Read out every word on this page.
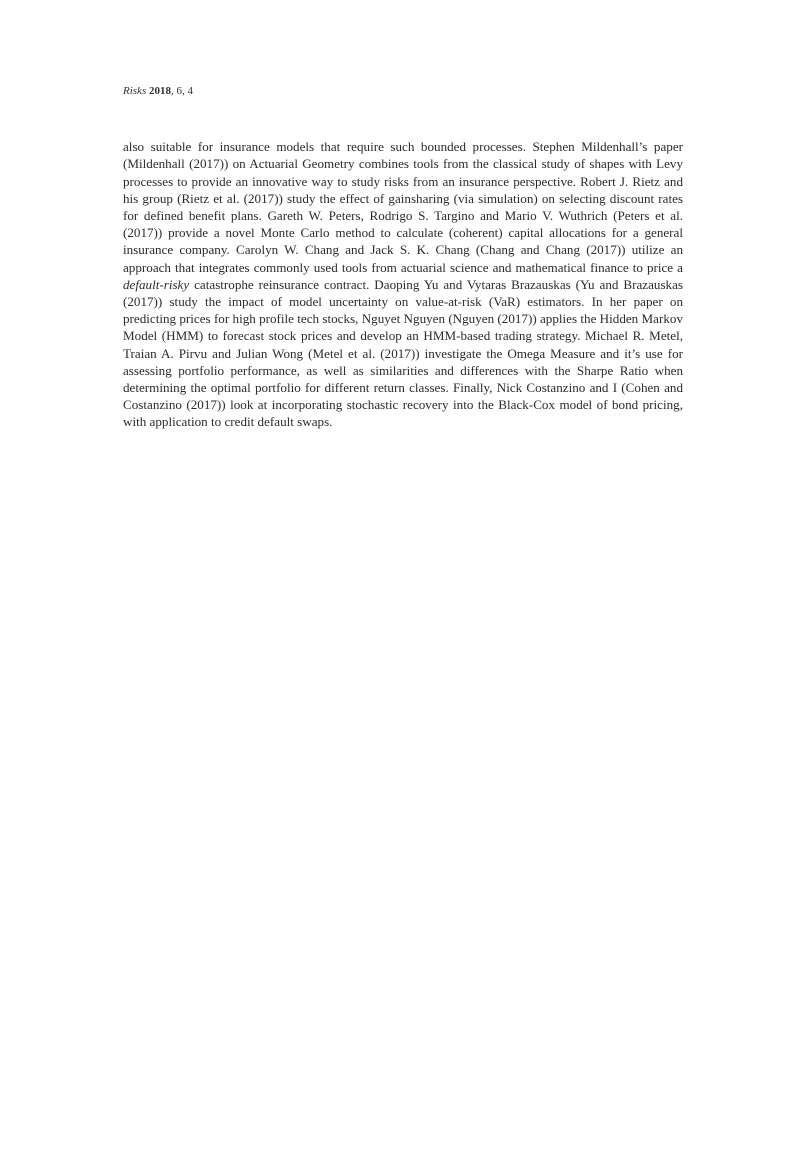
Risks 2018, 6, 4

also suitable for insurance models that require such bounded processes. Stephen Mildenhall’s paper (Mildenhall (2017)) on Actuarial Geometry combines tools from the classical study of shapes with Levy processes to provide an innovative way to study risks from an insurance perspective. Robert J. Rietz and his group (Rietz et al. (2017)) study the effect of gainsharing (via simulation) on selecting discount rates for defined benefit plans. Gareth W. Peters, Rodrigo S. Targino and Mario V. Wuthrich (Peters et al. (2017)) provide a novel Monte Carlo method to calculate (coherent) capital allocations for a general insurance company. Carolyn W. Chang and Jack S. K. Chang (Chang and Chang (2017)) utilize an approach that integrates commonly used tools from actuarial science and mathematical finance to price a default-risky catastrophe reinsurance contract. Daoping Yu and Vytaras Brazauskas (Yu and Brazauskas (2017)) study the impact of model uncertainty on value-at-risk (VaR) estimators. In her paper on predicting prices for high profile tech stocks, Nguyet Nguyen (Nguyen (2017)) applies the Hidden Markov Model (HMM) to forecast stock prices and develop an HMM-based trading strategy. Michael R. Metel, Traian A. Pirvu and Julian Wong (Metel et al. (2017)) investigate the Omega Measure and it’s use for assessing portfolio performance, as well as similarities and differences with the Sharpe Ratio when determining the optimal portfolio for different return classes. Finally, Nick Costanzino and I (Cohen and Costanzino (2017)) look at incorporating stochastic recovery into the Black-Cox model of bond pricing, with application to credit default swaps.
